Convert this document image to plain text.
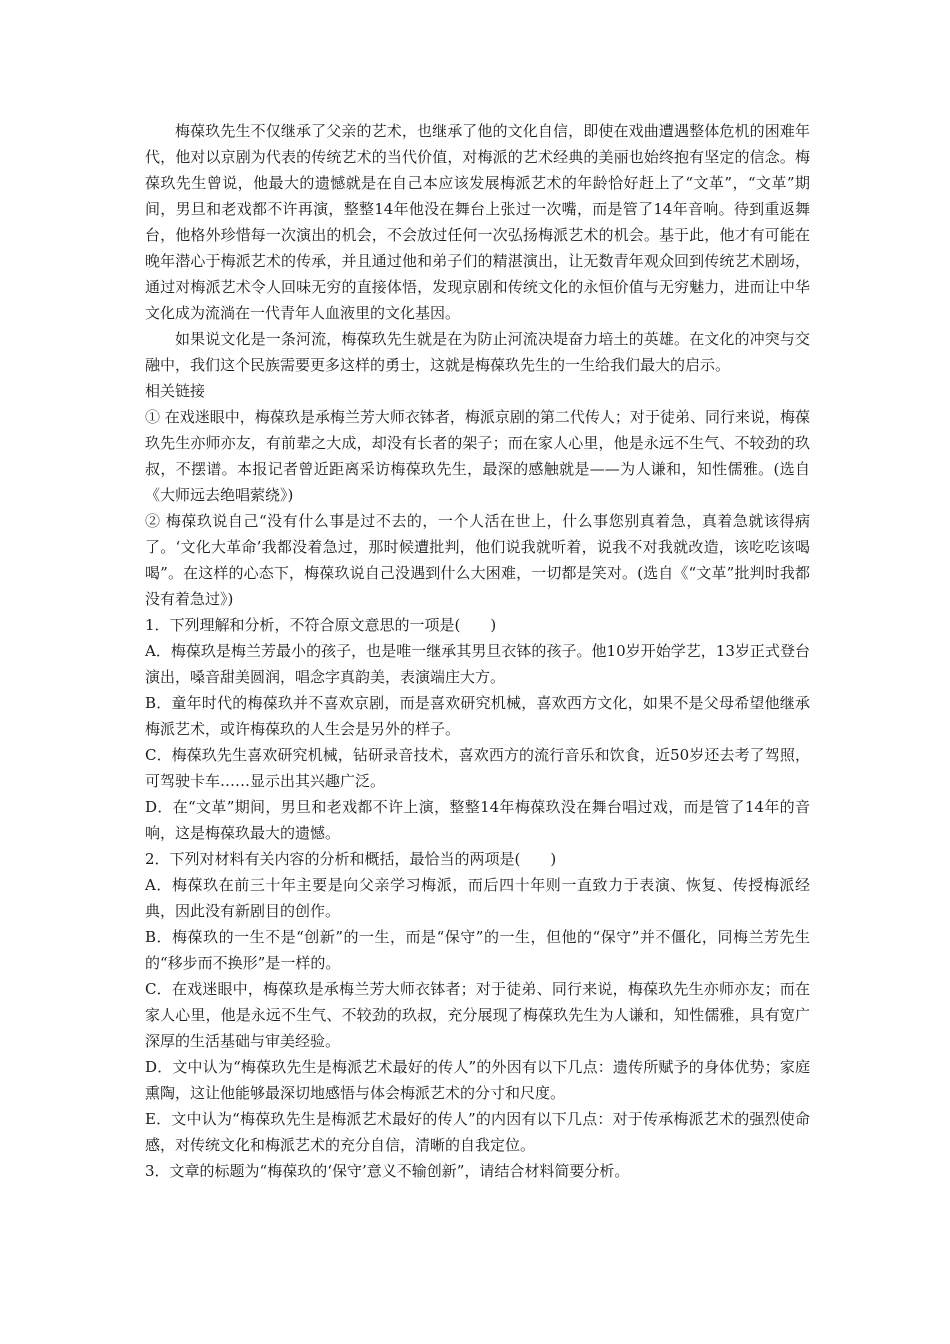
梅葆玖先生不仅继承了父亲的艺术，也继承了他的文化自信，即使在戏曲遭遇整体危机的困难年代，他对以京剧为代表的传统艺术的当代价值，对梅派的艺术经典的美丽也始终抱有坚定的信念。梅葆玖先生曾说，他最大的遗憾就是在自己本应该发展梅派艺术的年龄恰好赶上了“文革”，“文革”期间，男旦和老戏都不许再演，整整14年他没在舞台上张过一次嘴，而是管了14年音响。待到重返舞台，他格外珍惜每一次演出的机会，不会放过任何一次弘扬梅派艺术的机会。基于此，他才有可能在晚年潜心于梅派艺术的传承，并且通过他和弟子们的精湛演出，让无数青年观众回到传统艺术剧场，通过对梅派艺术令人回味无穷的直接体悟，发现京剧和传统文化的永恒价值与无穷魅力，进而让中华文化成为流淌在一代青年人血液里的文化基因。

如果说文化是一条河流，梅葆玖先生就是在为防止河流决堤奋力培土的英雄。在文化的冲突与交融中，我们这个民族需要更多这样的勇士，这就是梅葆玖先生的一生给我们最大的启示。

相关链接

① 在戏迷眼中，梅葆玖是承梅兰芳大师衣钵者，梅派京剧的第二代传人；对于徒弟、同行来说，梅葆玖先生亦师亦友，有前辈之大成，却没有长者的架子；而在家人心里，他是永远不生气、不较劲的玖叔，不摆谱。本报记者曾近距离采访梅葆玖先生，最深的感触就是——为人谦和，知性儒雅。(选自《大师远去绝唱萦绕》)

② 梅葆玖说自己“没有什么事是过不去的，一个人活在世上，什么事您别真着急，真着急就该得病了。‘文化大革命’我都没着急过，那时候遭批判，他们说我就听着，说我不对我就改造，该吃吃该喝喝”。在这样的心态下，梅葆玖说自己没遇到什么大困难，一切都是笑对。(选自《“文革”批判时我都没有着急过》)

1．下列理解和分析，不符合原文意思的一项是(　　)

A．梅葆玖是梅兰芳最小的孩子，也是唯一继承其男旦衣钵的孩子。他10岁开始学艺，13岁正式登台演出，嗓音甜美圆润，唱念字真韵美，表演端庄大方。

B．童年时代的梅葆玖并不喜欢京剧，而是喜欢研究机械，喜欢西方文化，如果不是父母希望他继承梅派艺术，或许梅葆玖的人生会是另外的样子。

C．梅葆玖先生喜欢研究机械，钻研录音技术，喜欢西方的流行音乐和饮食，近50岁还去考了驾照，可驾驶卡车……显示出其兴趣广泛。

D．在“文革”期间，男旦和老戏都不许上演，整整14年梅葆玖没在舞台唱过戏，而是管了14年的音响，这是梅葆玖最大的遗憾。

2．下列对材料有关内容的分析和概括，最恰当的两项是(　　)

A．梅葆玖在前三十年主要是向父亲学习梅派，而后四十年则一直致力于表演、恢复、传授梅派经典，因此没有新剧目的创作。

B．梅葆玖的一生不是“创新”的一生，而是“保守”的一生，但他的“保守”并不僵化，同梅兰芳先生的“移步而不换形”是一样的。

C．在戏迷眼中，梅葆玖是承梅兰芳大师衣钵者；对于徒弟、同行来说，梅葆玖先生亦师亦友；而在家人心里，他是永远不生气、不较劲的玖叔，充分展现了梅葆玖先生为人谦和，知性儒雅，具有宽广深厚的生活基础与审美经验。

D．文中认为“梅葆玖先生是梅派艺术最好的传人”的外因有以下几点：遗传所赋予的身体优势；家庭熏陶，这让他能够最深切地感悟与体会梅派艺术的分寸和尺度。

E．文中认为“梅葆玖先生是梅派艺术最好的传人”的内因有以下几点：对于传承梅派艺术的强烈使命感，对传统文化和梅派艺术的充分自信，清晰的自我定位。

3．文章的标题为“梅葆玖的‘保守’意义不输创新”，请结合材料简要分析。
